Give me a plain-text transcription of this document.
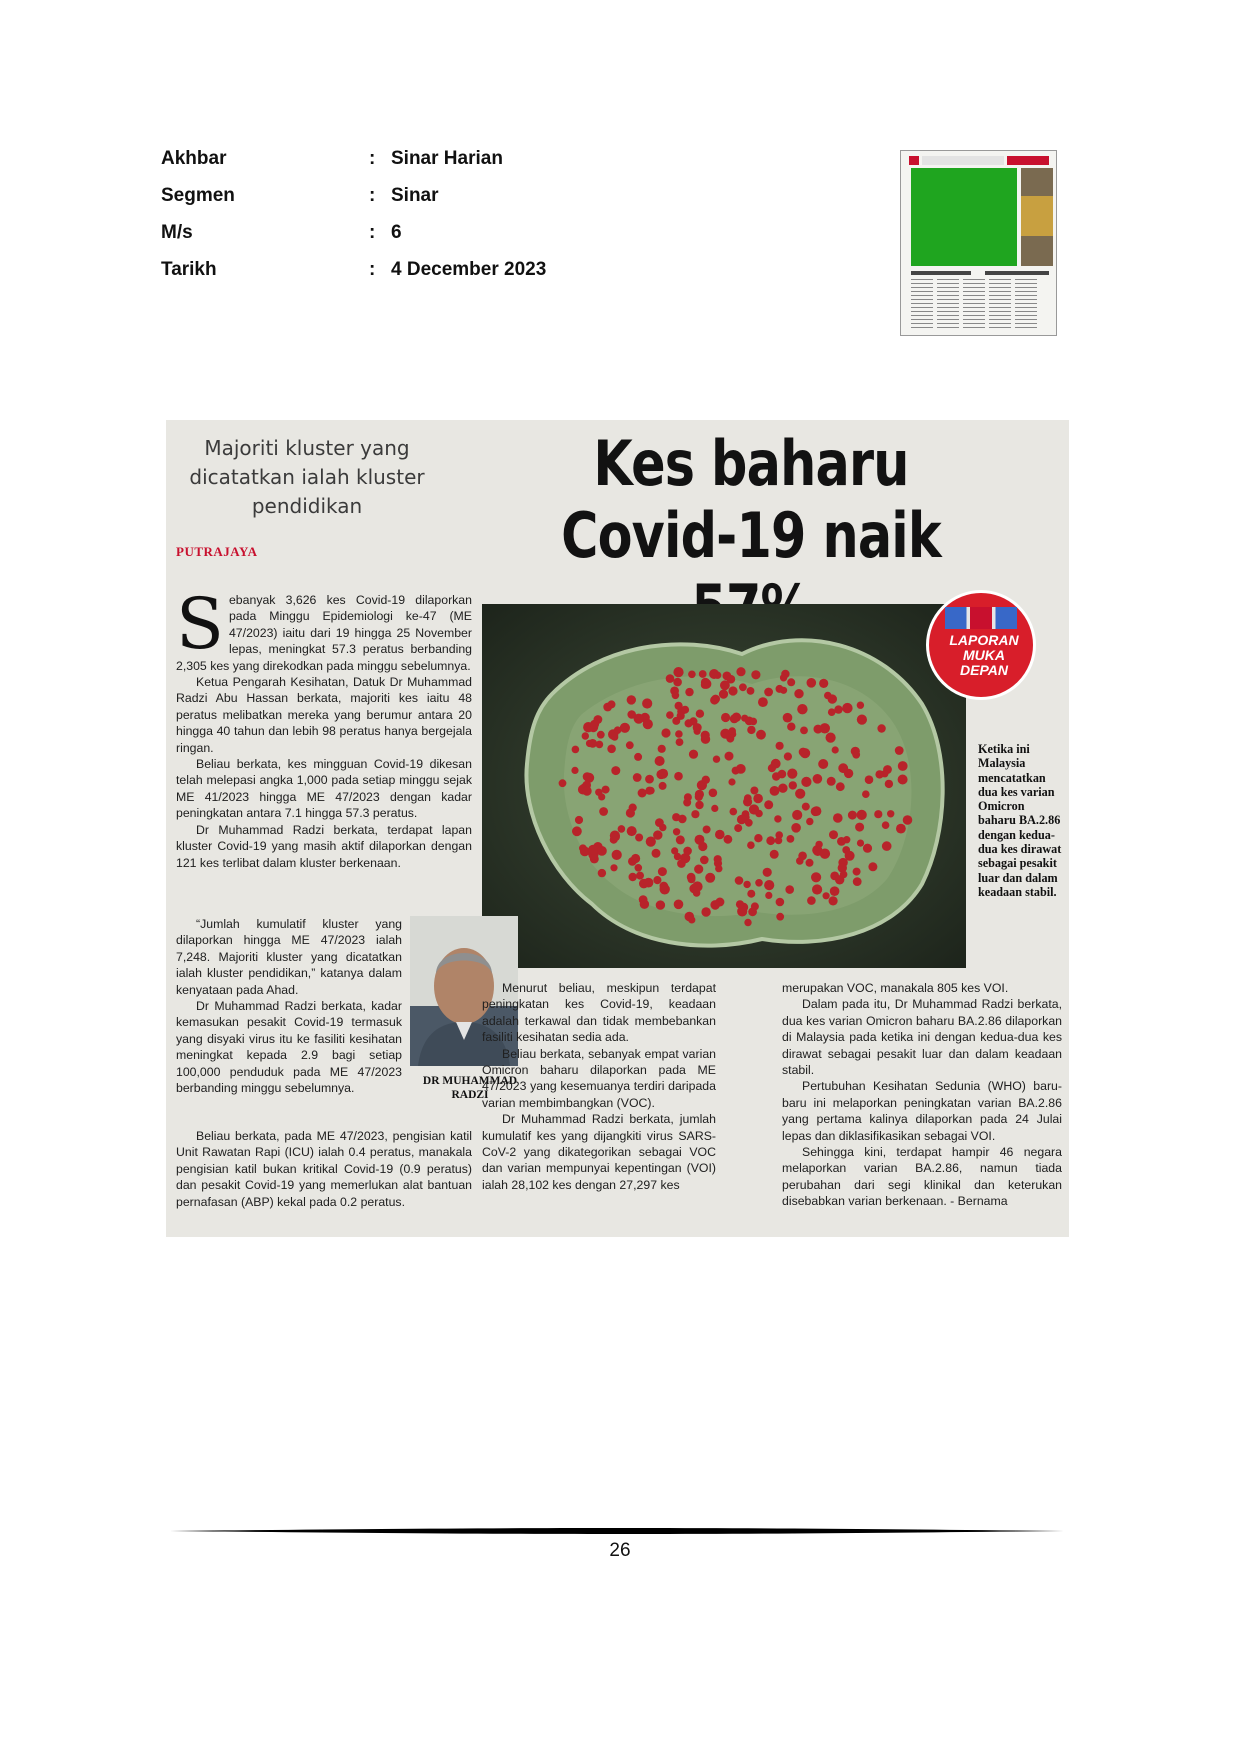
Akhbar	: Sinar Harian
Segmen	: Sinar
M/s	: 6
Tarikh	: 4 December 2023
Majoriti kluster yang dicatatkan ialah kluster pendidikan
PUTRAJAYA
Kes baharu
Covid-19 naik
LAPORAN
MUKA
DEPAN
Ketika ini Malaysia mencatatkan dua kes varian Omicron baharu BA.2.86 dengan kedua-dua kes dirawat sebagai pesakit luar dan dalam keadaan stabil.

Sebanyak 3,626 kes Covid-19 dilaporkan pada Minggu Epidemiologi ke-47 (ME 47/2023) iaitu dari 19 hingga 25 November lepas, meningkat 57.3 peratus berbanding 2,305 kes yang direkodkan pada minggu sebelumnya.

Ketua Pengarah Kesihatan, Datuk Dr Muhammad Radzi Abu Hassan berkata, majoriti kes iaitu 48 peratus melibatkan mereka yang berumur antara 20 hingga 40 tahun dan lebih 98 peratus hanya bergejala ringan.

Beliau berkata, kes mingguan Covid-19 dikesan telah melepasi angka 1,000 pada setiap minggu sejak ME 41/2023 hingga ME 47/2023 dengan kadar peningkatan antara 7.1 hingga 57.3 peratus.

Dr Muhammad Radzi berkata, terdapat lapan kluster Covid-19 yang masih aktif dilaporkan dengan 121 kes terlibat dalam kluster berkenaan.

“Jumlah kumulatif kluster yang dilaporkan hingga ME 47/2023 ialah 7,248. Majoriti kluster yang dicatatkan ialah kluster pendidikan,” katanya dalam kenyataan pada Ahad.

Dr Muhammad Radzi berkata, kadar kemasukan pesakit Covid-19 termasuk yang disyaki virus itu ke fasiliti kesihatan meningkat kepada 2.9 bagi setiap 100,000 penduduk pada ME 47/2023 berbanding minggu sebelumnya.

Beliau berkata, pada ME 47/2023, pengisian katil Unit Rawatan Rapi (ICU) ialah 0.4 peratus, manakala pengisian katil bukan kritikal Covid-19 (0.9 peratus) dan pesakit Covid-19 yang memerlukan alat bantuan pernafasan (ABP) kekal pada 0.2 peratus.

DR MUHAMMAD
RADZI

Menurut beliau, meskipun terdapat peningkatan kes Covid-19, keadaan adalah terkawal dan tidak membebankan fasiliti kesihatan sedia ada.

Beliau berkata, sebanyak empat varian Omicron baharu dilaporkan pada ME 47/2023 yang kesemuanya terdiri daripada varian membimbangkan (VOC).

Dr Muhammad Radzi berkata, jumlah kumulatif kes yang dijangkiti virus SARS-CoV-2 yang dikategorikan sebagai VOC dan varian mempunyai kepentingan (VOI) ialah 28,102 kes dengan 27,297 kes

merupakan VOC, manakala 805 kes VOI.

Dalam pada itu, Dr Muhammad Radzi berkata, dua kes varian Omicron baharu BA.2.86 dilaporkan di Malaysia pada ketika ini dengan kedua-dua kes dirawat sebagai pesakit luar dan dalam keadaan stabil.

Pertubuhan Kesihatan Sedunia (WHO) baru-baru ini melaporkan peningkatan varian BA.2.86 yang pertama kalinya dilaporkan pada 24 Julai lepas dan diklasifikasikan sebagai VOI.

Sehingga kini, terdapat hampir 46 negara melaporkan varian BA.2.86, namun tiada perubahan dari segi klinikal dan keterukan disebabkan varian berkenaan. - Bernama

26
